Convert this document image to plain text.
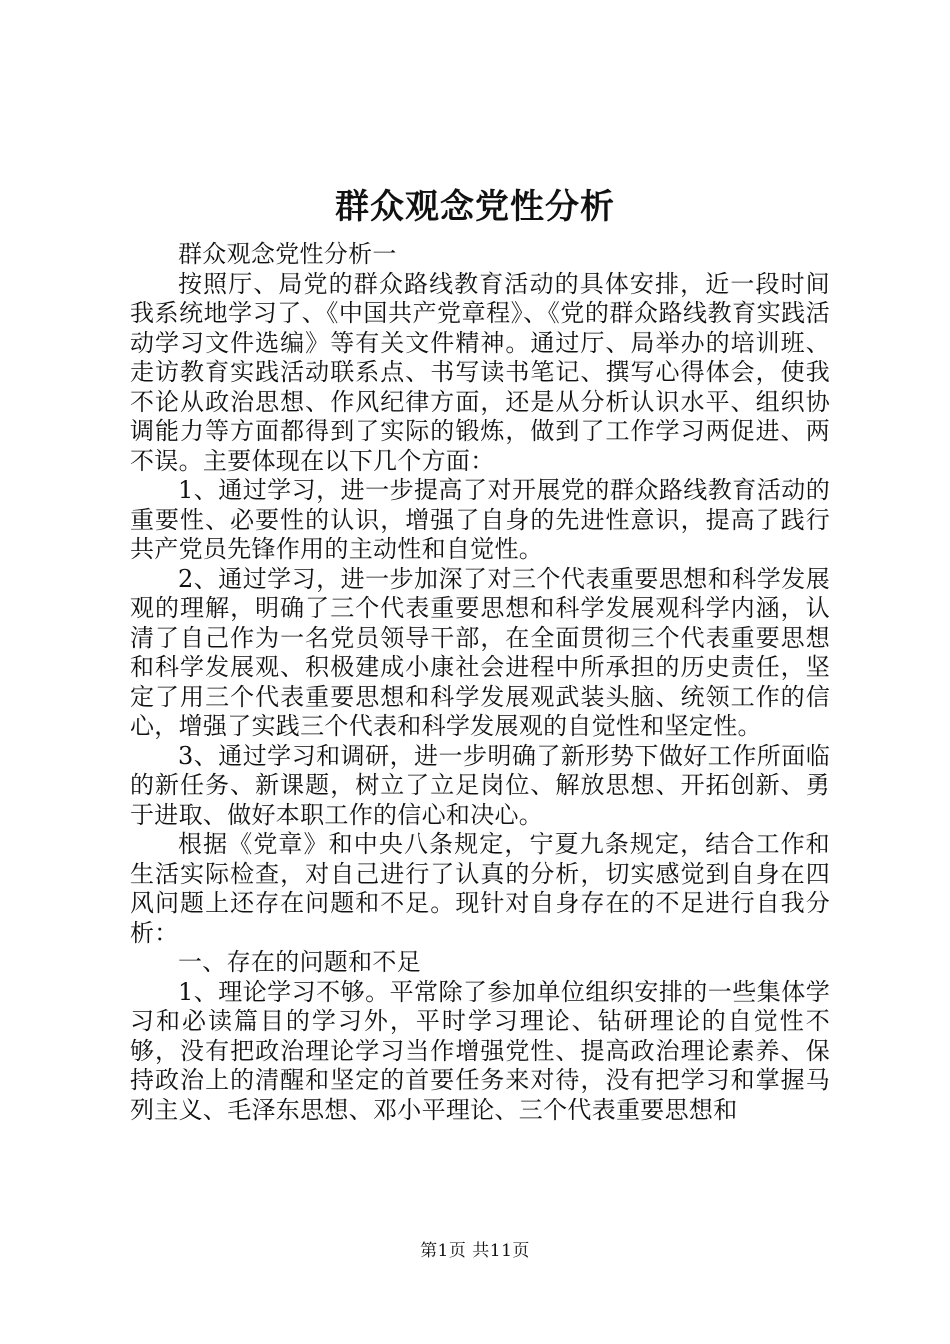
群众观念党性分析

群众观念党性分析一

按照厅、局党的群众路线教育活动的具体安排，近一段时间我系统地学习了、《中国共产党章程》、《党的群众路线教育实践活动学习文件选编》等有关文件精神。通过厅、局举办的培训班、走访教育实践活动联系点、书写读书笔记、撰写心得体会，使我不论从政治思想、作风纪律方面，还是从分析认识水平、组织协调能力等方面都得到了实际的锻炼，做到了工作学习两促进、两不误。主要体现在以下几个方面：

1、通过学习，进一步提高了对开展党的群众路线教育活动的重要性、必要性的认识，增强了自身的先进性意识，提高了践行共产党员先锋作用的主动性和自觉性。

2、通过学习，进一步加深了对三个代表重要思想和科学发展观的理解，明确了三个代表重要思想和科学发展观科学内涵，认清了自己作为一名党员领导干部，在全面贯彻三个代表重要思想和科学发展观、积极建成小康社会进程中所承担的历史责任，坚定了用三个代表重要思想和科学发展观武装头脑、统领工作的信心，增强了实践三个代表和科学发展观的自觉性和坚定性。

3、通过学习和调研，进一步明确了新形势下做好工作所面临的新任务、新课题，树立了立足岗位、解放思想、开拓创新、勇于进取、做好本职工作的信心和决心。

根据《党章》和中央八条规定，宁夏九条规定，结合工作和生活实际检查，对自己进行了认真的分析，切实感觉到自身在四风问题上还存在问题和不足。现针对自身存在的不足进行自我分析：

一、存在的问题和不足

1、理论学习不够。平常除了参加单位组织安排的一些集体学习和必读篇目的学习外，平时学习理论、钻研理论的自觉性不够，没有把政治理论学习当作增强党性、提高政治理论素养、保持政治上的清醒和坚定的首要任务来对待，没有把学习和掌握马列主义、毛泽东思想、邓小平理论、三个代表重要思想和

第1页 共11页
